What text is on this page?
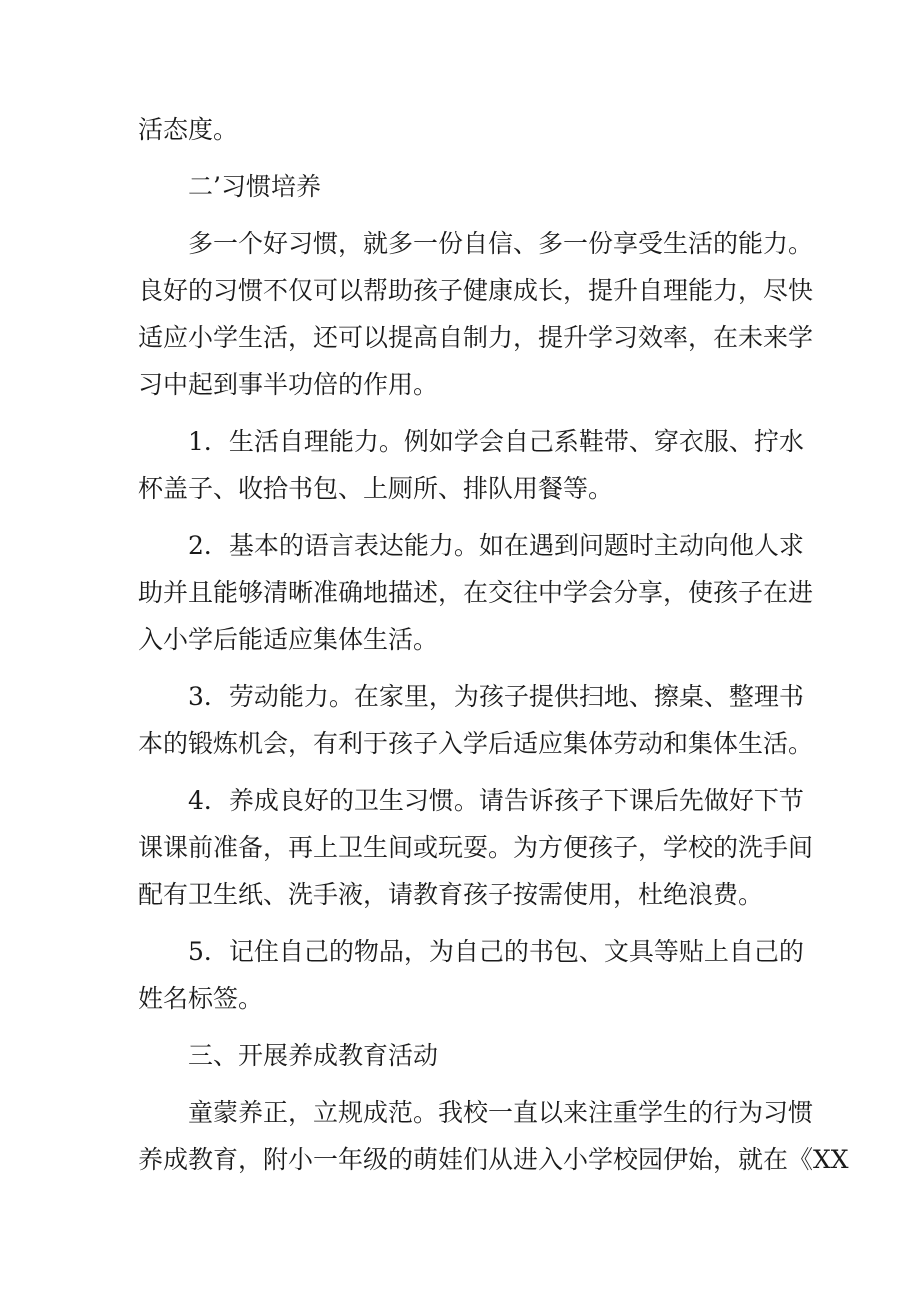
活态度。

二’习惯培养

多一个好习惯，就多一份自信、多一份享受生活的能力。
良好的习惯不仅可以帮助孩子健康成长，提升自理能力，尽快
适应小学生活，还可以提高自制力，提升学习效率，在未来学
习中起到事半功倍的作用。

1．生活自理能力。例如学会自己系鞋带、穿衣服、拧水
杯盖子、收拾书包、上厕所、排队用餐等。

2．基本的语言表达能力。如在遇到问题时主动向他人求
助并且能够清晰准确地描述，在交往中学会分享，使孩子在进
入小学后能适应集体生活。

3．劳动能力。在家里，为孩子提供扫地、擦桌、整理书
本的锻炼机会，有利于孩子入学后适应集体劳动和集体生活。

4．养成良好的卫生习惯。请告诉孩子下课后先做好下节
课课前准备，再上卫生间或玩耍。为方便孩子，学校的洗手间
配有卫生纸、洗手液，请教育孩子按需使用，杜绝浪费。

5．记住自己的物品，为自己的书包、文具等贴上自己的
姓名标签。

三、开展养成教育活动

童蒙养正，立规成范。我校一直以来注重学生的行为习惯
养成教育，附小一年级的萌娃们从进入小学校园伊始，就在《XX
